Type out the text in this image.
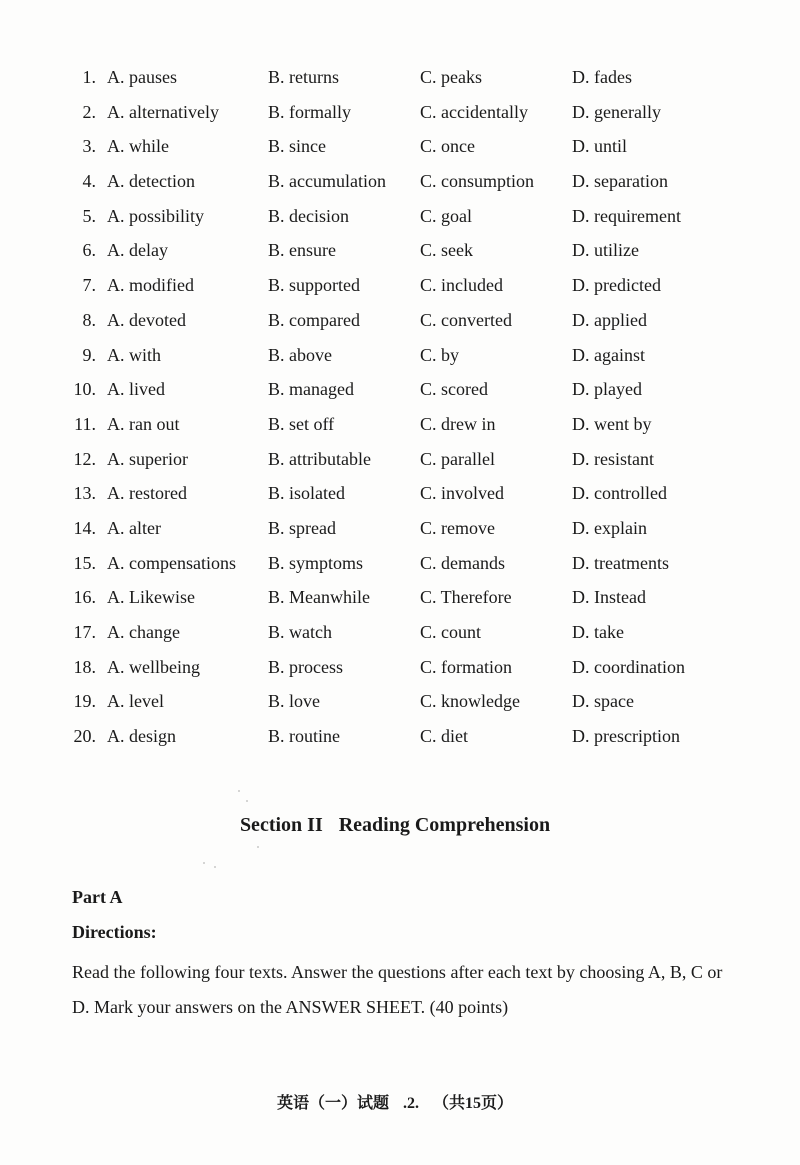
1. A. pauses	B. returns	C. peaks	D. fades
2. A. alternatively	B. formally	C. accidentally D. generally
3. A. while	B. since	C. once	D. until
4. A. detection	B. accumulation C. consumption D. separation
5. A. possibility	B. decision	C. goal	D. requirement
6. A. delay	B. ensure	C. seek	D. utilize
7. A. modified	B. supported	C. included	D. predicted
8. A. devoted	B. compared	C. converted	D. applied
9. A. with	B. above	C. by	D. against
10. A. lived	B. managed	C. scored	D. played
11. A. ran out	B. set off	C. drew in	D. went by
12. A. superior	B. attributable	C. parallel	D. resistant
13. A. restored	B. isolated	C. involved	D. controlled
14. A. alter	B. spread	C. remove	D. explain
15. A. compensations B. symptoms	C. demands	D. treatments
16. A. Likewise	B. Meanwhile	C. Therefore	D. Instead
17. A. change	B. watch	C. count	D. take
18. A. wellbeing	B. process	C. formation	D. coordination
19. A. level	B. love	C. knowledge	D. space
20. A. design	B. routine	C. diet	D. prescription
Section II Reading Comprehension
Part A
Directions:
Read the following four texts. Answer the questions after each text by choosing A, B, C or D. Mark your answers on the ANSWER SHEET. (40 points)
英语（一）试题 .2. （共15页）
